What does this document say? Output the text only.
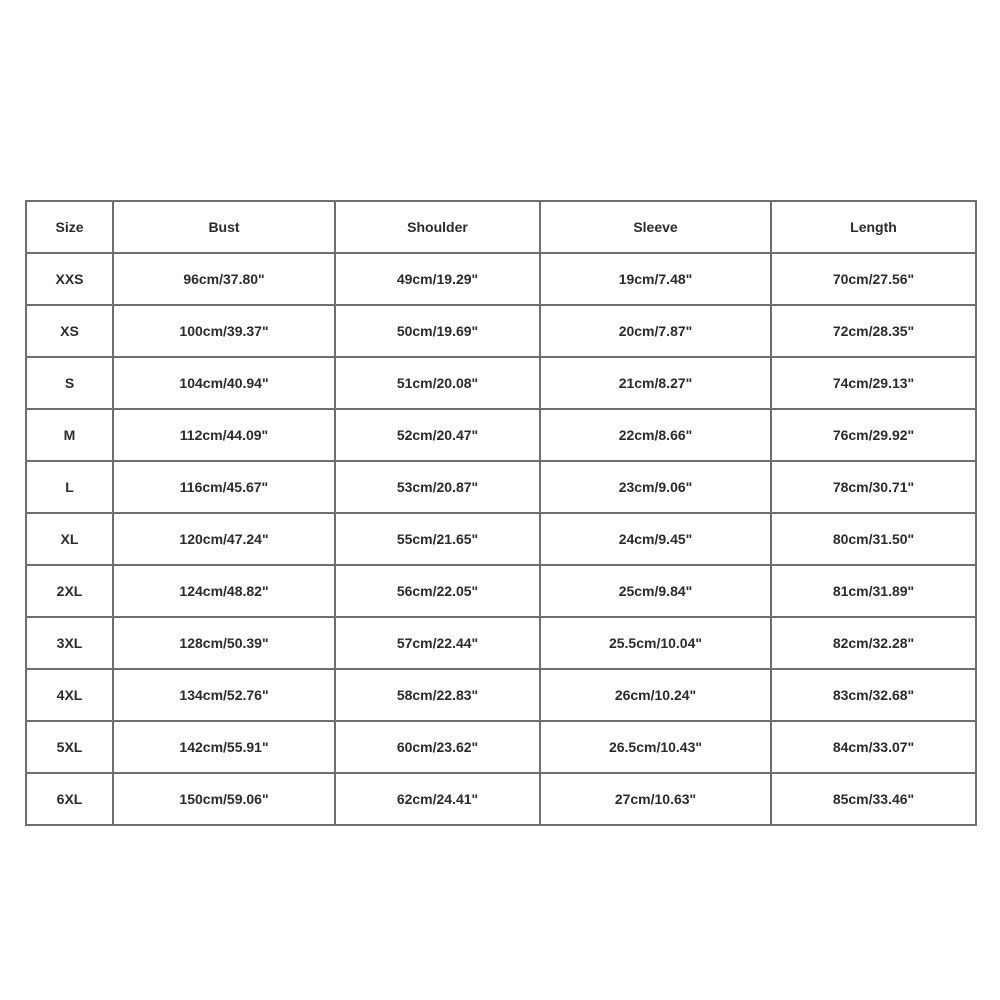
Size	Bust	Shoulder	Sleeve	Length
XXS	96cm/37.80"	49cm/19.29"	19cm/7.48"	70cm/27.56"
XS	100cm/39.37"	50cm/19.69"	20cm/7.87"	72cm/28.35"
S	104cm/40.94"	51cm/20.08"	21cm/8.27"	74cm/29.13"
M	112cm/44.09"	52cm/20.47"	22cm/8.66"	76cm/29.92"
L	116cm/45.67"	53cm/20.87"	23cm/9.06"	78cm/30.71"
XL	120cm/47.24"	55cm/21.65"	24cm/9.45"	80cm/31.50"
2XL	124cm/48.82"	56cm/22.05"	25cm/9.84"	81cm/31.89"
3XL	128cm/50.39"	57cm/22.44"	25.5cm/10.04"	82cm/32.28"
4XL	134cm/52.76"	58cm/22.83"	26cm/10.24"	83cm/32.68"
5XL	142cm/55.91"	60cm/23.62"	26.5cm/10.43"	84cm/33.07"
6XL	150cm/59.06"	62cm/24.41"	27cm/10.63"	85cm/33.46"
